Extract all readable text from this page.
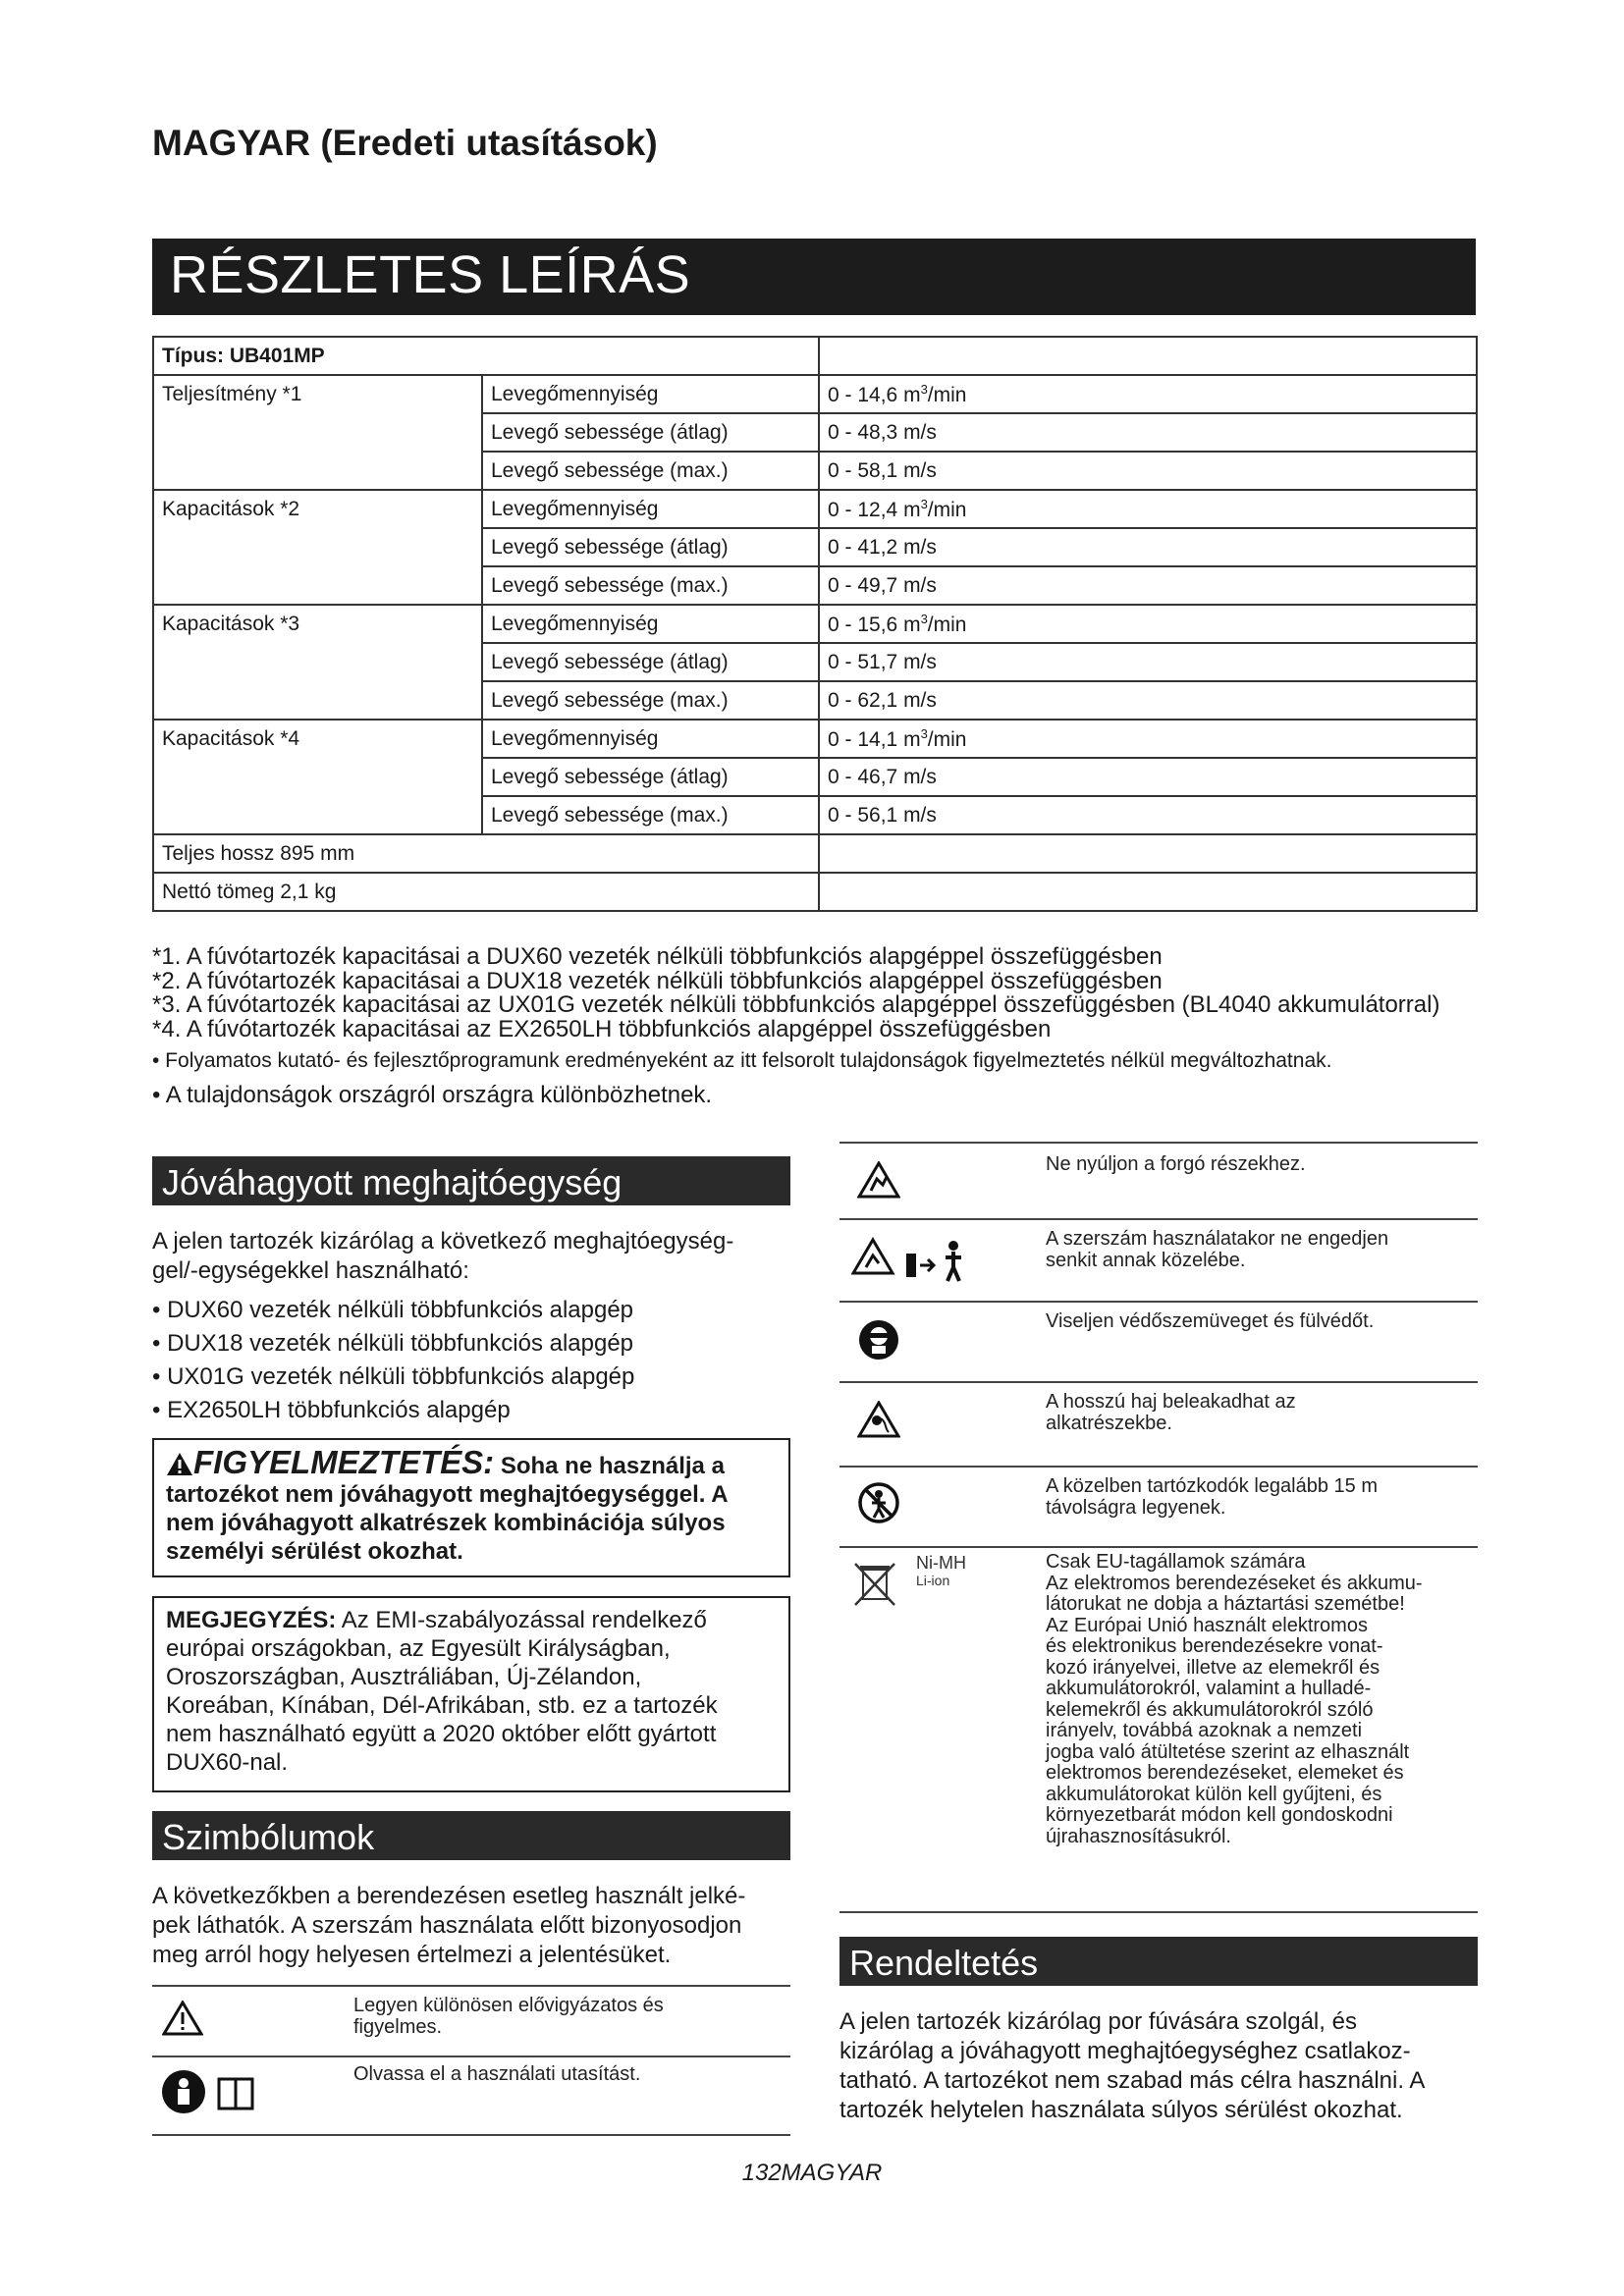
MAGYAR (Eredeti utasítások)
RÉSZLETES LEÍRÁS
Típus: UB401MP		
Teljesítmény *1	Levegőmennyiség	0 - 14,6 $m^3/\min$
	Levegő sebessége (átlag)	0 - 48,3 m/s
	Levegő sebessége (max.)	0 - 58,1 m/s
Kapacitások *2	Levegőmennyiség	0 - 12,4 $m^3/\min$
	Levegő sebessége (átlag)	0 - 41,2 m/s
	Levegő sebessége (max.)	0 - 49,7 m/s
Kapacitások *3	Levegőmennyiség	0 - 15,6 $m^3/\min$
	Levegő sebessége (átlag)	0 - 51,7 m/s
	Levegő sebessége (max.)	0 - 62,1 m/s
Kapacitások *4	Levegőmennyiség	0 - 14,1 $m^3/\min$
	Levegő sebessége (átlag)	0 - 46,7 m/s
	Levegő sebessége (max.)	0 - 56,1 m/s
Teljes hossz 895 mm		
Nettó tömeg 2,1 kg		
*1. A fúvótartozék kapacitásai a DUX60 vezeték nélküli többfunkciós alapgéppel összefüggésben
*2. A fúvótartozék kapacitásai a DUX18 vezeték nélküli többfunkciós alapgéppel összefüggésben
*3. A fúvótartozék kapacitásai az UX01G vezeték nélküli többfunkciós alapgéppel összefüggésben (BL4040 akkumulátorral)
*4. A fúvótartozék kapacitásai az EX2650LH többfunkciós alapgéppel összefüggésben
• Folyamatos kutató- és fejlesztőprogramunk eredményeként az itt felsorolt tulajdonságok figyelmeztetés nélkül megváltozhatnak.
• A tulajdonságok országról országra különbözhetnek.
Jóváhagyott meghajtóegység
A jelen tartozék kizárólag a következő meghajtóegység-
gel/-egységekkel használható:
• DUX60 vezeték nélküli többfunkciós alapgép
• DUX18 vezeték nélküli többfunkciós alapgép
• UX01G vezeték nélküli többfunkciós alapgép
• EX2650LH többfunkciós alapgép
FIGYELMEZTETÉS: Soha ne használja a
tartozékot nem jóváhagyott meghajtóegységgel. A
nem jóváhagyott alkatrészek kombinációja súlyos
személyi sérülést okozhat.
MEGJEGYZÉS: Az EMI-szabályozással rendelkező
európai országokban, az Egyesült Királyságban,
Oroszországban, Ausztráliában, Új-Zélandon,
Koreában, Kínában, Dél-Afrikában, stb. ez a tartozék
nem használható együtt a 2020 október előtt gyártott
DUX60-nal.
Szimbólumok
A következőkben a berendezésen esetleg használt jelké-
pek láthatók. A szerszám használata előtt bizonyosodjon
meg arról hogy helyesen értelmezi a jelentésüket.
Legyen különösen elővigyázatos és
figyelmes.
Olvassa el a használati utasítást.
Ne nyúljon a forgó részekhez.
A szerszám használatakor ne engedjen
senkit annak közelébe.
Viseljen védőszemüveget és fülvédőt.
A hosszú haj beleakadhat az
alkatrészekbe.
A közelben tartózkodók legalább 15 m
távolságra legyenek.
Ni-MH
Li-ion
Csak EU-tagállamok számára
Az elektromos berendezéseket és akkumu-
látorukat ne dobja a háztartási szemétbe!
Az Európai Unió használt elektromos
és elektronikus berendezésekre vonat-
kozó irányelvei, illetve az elemekről és
akkumulátorokról, valamint a hulladé-
kelemekről és akkumulátorokról szóló
irányelv, továbbá azoknak a nemzeti
jogba való átültetése szerint az elhasznált
elektromos berendezéseket, elemeket és
akkumulátorokat külön kell gyűjteni, és
környezetbarát módon kell gondoskodni
újrahasznosításukról.
Rendeltetés
A jelen tartozék kizárólag por fúvására szolgál, és
kizárólag a jóváhagyott meghajtóegységhez csatlakoz-
tatható. A tartozékot nem szabad más célra használni. A
tartozék helytelen használata súlyos sérülést okozhat.
132MAGYAR
